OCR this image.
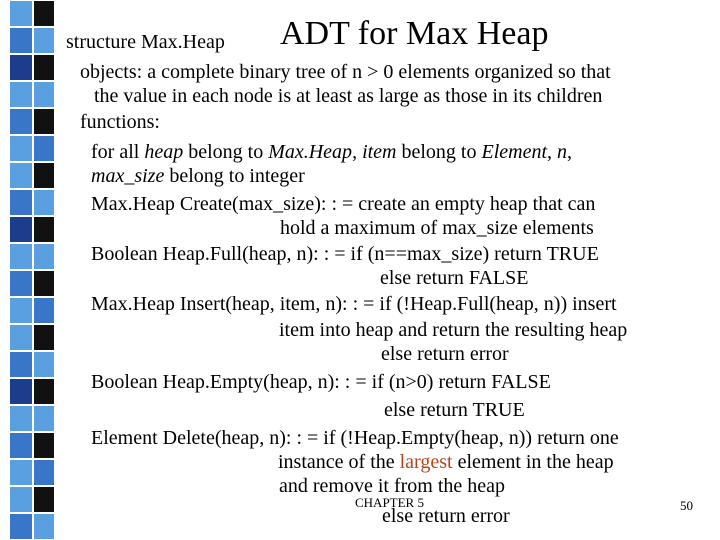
structure Max.Heap ADT for Max Heap
objects: a complete binary tree of n > 0 elements organized so that
the value in each node is at least as large as those in its children
functions:
for all heap belong to Max.Heap, item belong to Element, n,
max_size belong to integer
Max.Heap Create(max_size): : = create an empty heap that can
hold a maximum of max_size elements
Boolean Heap.Full(heap, n): : = if (n==max_size) return TRUE
else return FALSE
Max.Heap Insert(heap, item, n): : = if (!Heap.Full(heap, n)) insert
item into heap and return the resulting heap
else return error
Boolean Heap.Empty(heap, n): : = if (n>0) return FALSE
else return TRUE
Element Delete(heap, n): : = if (!Heap.Empty(heap, n)) return one
instance of the largest element in the heap
and remove it from the heap
else return error
CHAPTER 5	50
